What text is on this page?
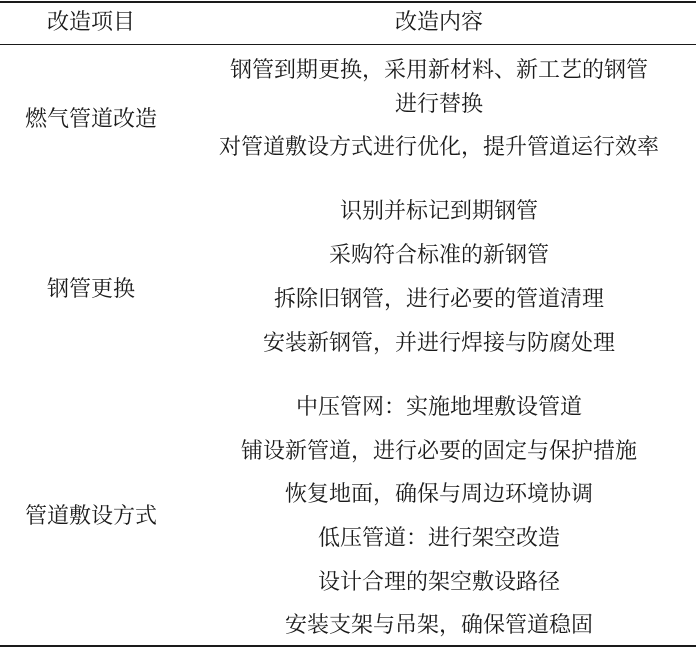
改造项目	改造内容
燃气管道改造
钢管到期更换，采用新材料、新工艺的钢管
进行替换
对管道敷设方式进行优化，提升管道运行效率
钢管更换
识别并标记到期钢管
采购符合标准的新钢管
拆除旧钢管，进行必要的管道清理
安装新钢管，并进行焊接与防腐处理
管道敷设方式
中压管网：实施地埋敷设管道
铺设新管道，进行必要的固定与保护措施
恢复地面，确保与周边环境协调
低压管道：进行架空改造
设计合理的架空敷设路径
安装支架与吊架，确保管道稳固
